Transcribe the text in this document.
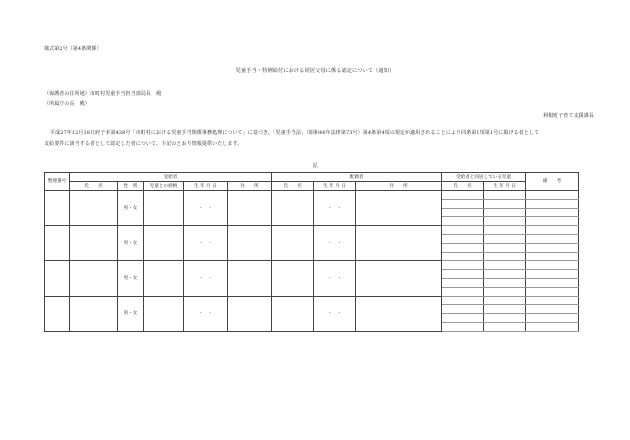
様式第2号（第4条関係）
児童手当・特例給付における同居父母に係る認定について（通知）
（保護者の住所地）市町村児童手当担当部局長　殿
（所属庁の長　殿）
利根町子育て支援課長
平成27年12月18日府子本第438号「市町村における児童手当関係事務処理について」に基づき、「児童手当法」（昭和46年法律第73号）第4条第4項の規定が適用されることにより同条第1項第1号に掲げる者として
支給要件に該当する者として認定した者について、下記のとおり情報提供いたします。
記
整理番号	受給者					配偶者			受給者と同居している児童		備　　考
	氏　　名	性　別	児童との続柄	生 年 月 日	住　　所	氏　　名	生 年 月 日	住　　所	氏　　名	生 年 月 日	
		男・女		・　・			・　・				

		男・女		・　・			・　・				

		男・女		・　・			・　・				

		男・女		・　・			・　・				
